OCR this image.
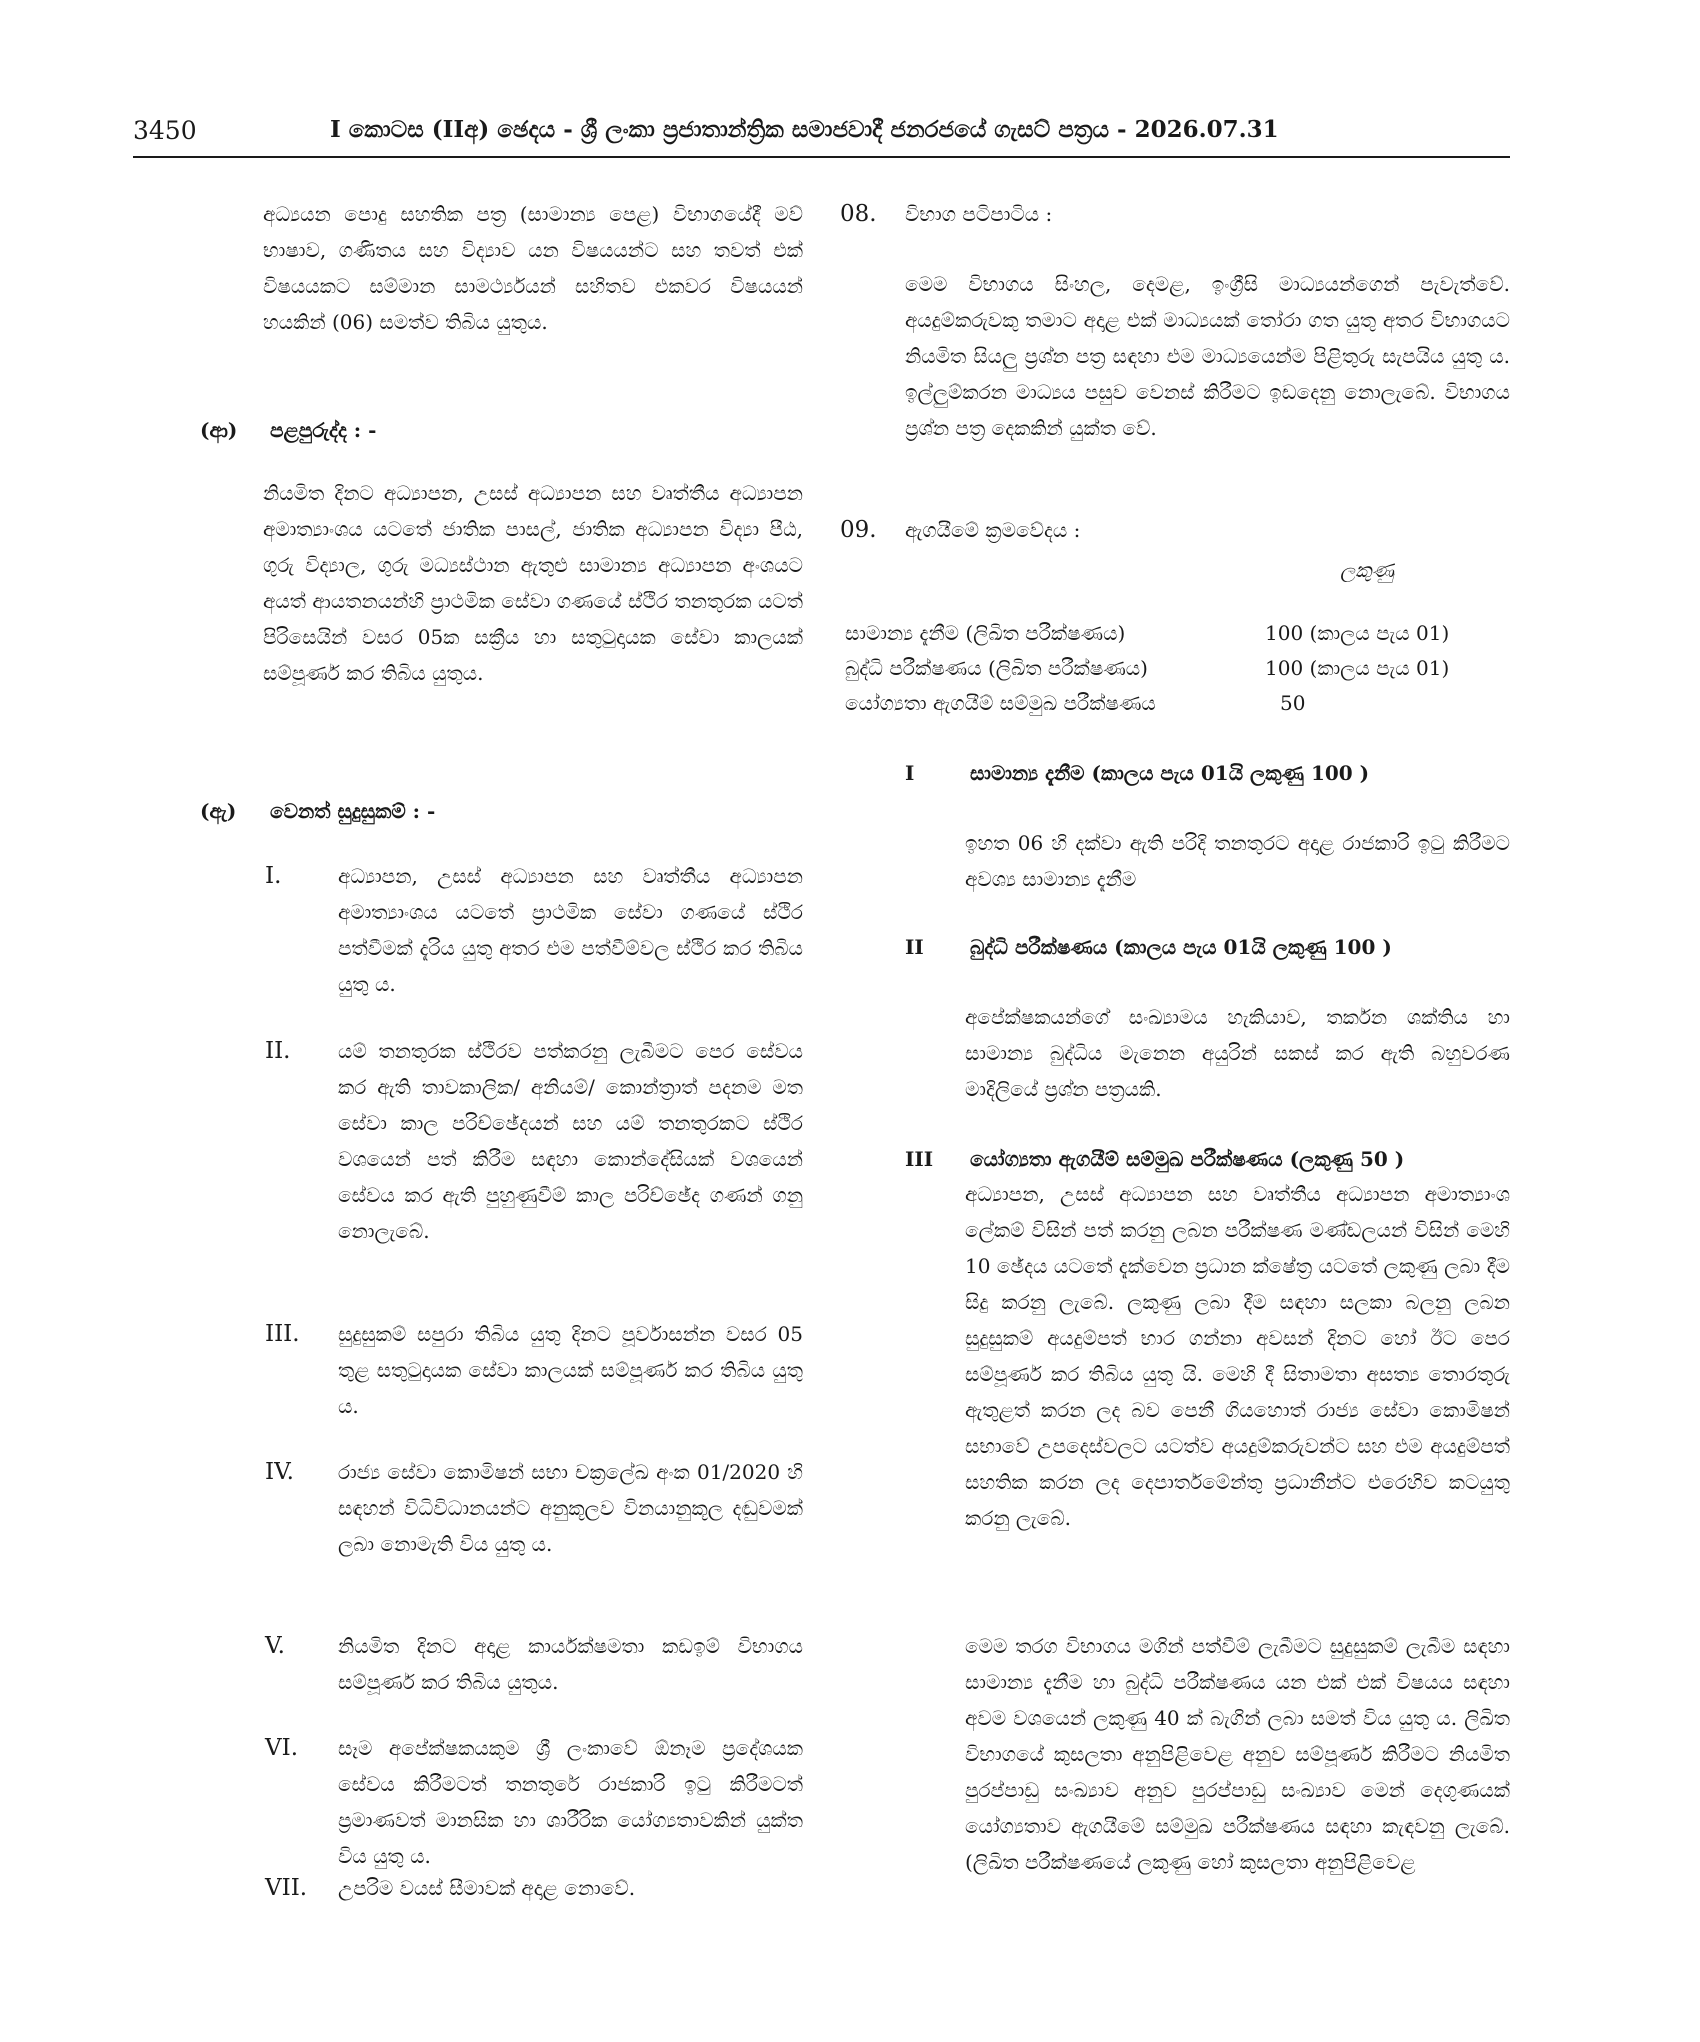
3450	I කොටස (IIඅ) ඡෙදය - ශ්‍රී ලංකා ප්‍රජාතාන්ත්‍රික සමාජවාදී ජනරජයේ ගැසට් පත්‍රය - 2026.07.31

අධ්‍යයන පොදු සහතික පත්‍ර (සාමාන්‍ය පෙළ) විභාගයේදී මව් භාෂාව, ගණිතය සහ විද්‍යාව යන විෂයයන්ට සහ තවත් එක් විෂයයකට සම්මාන සාමර්ථ්‍යයන් සහිතව එකවර විෂයයන් හයකින් (06) සමත්ව තිබිය යුතුය.

(ආ) පළපුරුද්ද : -

නියමිත දිනට අධ්‍යාපන, උසස් අධ්‍යාපන සහ වෘත්තීය අධ්‍යාපන අමාත්‍යාංශය යටතේ ජාතික පාසල්, ජාතික අධ්‍යාපන විද්‍යා පීඨ, ගුරු විද්‍යාල, ගුරු මධ්‍යස්ථාන ඇතුළු සාමාන්‍ය අධ්‍යාපන අංශයට අයත් ආයතනයන්හි ප්‍රාථමික සේවා ගණයේ ස්ථිර තනතුරක යටත් පිරිසෙයින් වසර 05ක සක්‍රීය හා සතුටුදායක සේවා කාලයක් සම්පූර්ණ කර තිබිය යුතුය.

(ඇ) වෙනත් සුදුසුකම් : -
I.	අධ්‍යාපන, උසස් අධ්‍යාපන සහ වෘත්තීය අධ්‍යාපන අමාත්‍යාංශය යටතේ ප්‍රාථමික සේවා ගණයේ ස්ථිර පත්වීමක් දැරිය යුතු අතර එම පත්වීම්වල ස්ථිර කර තිබිය යුතු ය.

II. යම් තනතුරක ස්ථිරව පත්කරනු ලැබීමට පෙර සේවය කර ඇති තාවකාලික/ අනියම්/ කොන්ත්‍රාත් පදනම මත සේවා කාල පරිච්ඡේදයන් සහ යම් තනතුරකට ස්ථිර වශයෙන් පත් කිරීම සඳහා කොන්දේසියක් වශයෙන් සේවය කර ඇති පුහුණුවීම් කාල පරිච්ඡේද ගණන් ගනු නොලැබේ.

III. සුදුසුකම් සපුරා තිබිය යුතු දිනට පූර්වාසන්න වසර 05 තුළ සතුටුදායක සේවා කාලයක් සම්පූර්ණ කර තිබිය යුතු ය.

IV. රාජ්‍ය සේවා කොමිෂන් සභා චක්‍රලේඛ අංක 01/2020 හි සඳහන් විධිවිධානයන්ට අනුකූලව විනයානුකූල දඬුවමක් ලබා නොමැති විය යුතු ය.

V.	නියමිත දිනට අදාළ කාර්යක්ෂමතා කඩඉම් විභාගය සම්පූර්ණ කර තිබිය යුතුය.

VI. සෑම අපේක්ෂකයකුම ශ්‍රී ලංකාවේ ඕනෑම ප්‍රදේශයක සේවය කිරීමටත් තනතුරේ රාජකාරි ඉටු කිරීමටත් ප්‍රමාණවත් මානසික හා ශාරීරික යෝග්‍යතාවකින් යුක්ත විය යුතු ය.

VII. උපරිම වයස් සීමාවක් අදාළ නොවේ.

08. විභාග පටිපාටිය :

මෙම විභාගය සිංහල, දෙමළ, ඉංග්‍රීසි මාධ්‍යයන්ගෙන් පැවැත්වේ. අයදුම්කරුවකු තමාට අදාළ එක් මාධ්‍යයක් තෝරා ගත යුතු අතර විභාගයට නියමිත සියලු ප්‍රශ්න පත්‍ර සඳහා එම මාධ්‍යයෙන්ම පිළිතුරු සැපයිය යුතු ය. ඉල්ලුම්කරන මාධ්‍යය පසුව වෙනස් කිරීමට ඉඩදෙනු නොලැබේ. විභාගය ප්‍රශ්න පත්‍ර දෙකකින් යුක්ත වේ.

09. ඇගයීමේ ක්‍රමවේදය :
ලකුණු
සාමාන්‍ය දැනීම (ලිඛිත පරීක්ෂණය)	100 (කාලය පැය 01)
බුද්ධි පරීක්ෂණය (ලිඛිත පරීක්ෂණය)	100 (කාලය පැය 01)
යෝග්‍යතා ඇගයීම් සම්මුඛ පරීක්ෂණය	50
I	සාමාන්‍ය දැනීම (කාලය පැය 01යි ලකුණු 100 )

ඉහත 06 හි දක්වා ඇති පරිදි තනතුරට අදාළ රාජකාරි ඉටු කිරීමට අවශ්‍ය සාමාන්‍ය දැනීම

II බුද්ධි පරීක්ෂණය (කාලය පැය 01යි ලකුණු 100 )

අපේක්ෂකයන්ගේ සංඛ්‍යාමය හැකියාව, තර්කන ශක්තිය හා සාමාන්‍ය බුද්ධිය මැනෙන අයුරින් සකස් කර ඇති බහුවරණ මාදිලියේ ප්‍රශ්න පත්‍රයකි.

III යෝග්‍යතා ඇගයීම් සම්මුඛ පරීක්ෂණය (ලකුණු 50 )

අධ්‍යාපන, උසස් අධ්‍යාපන සහ වෘත්තීය අධ්‍යාපන අමාත්‍යාංශ ලේකම් විසින් පත් කරනු ලබන පරීක්ෂණ මණ්ඩලයන් විසින් මෙහි 10 ඡේදය යටතේ දැක්වෙන ප්‍රධාන ක්ෂේත්‍ර යටතේ ලකුණු ලබා දීම සිදු කරනු ලැබේ. ලකුණු ලබා දීම සඳහා සලකා බලනු ලබන සුදුසුකම් අයදුම්පත් භාර ගන්නා අවසන් දිනට හෝ ඊට පෙර සම්පූර්ණ කර තිබිය යුතු යි. මෙහි දී සිතාමතා අසත්‍ය තොරතුරු ඇතුළත් කරන ලද බව පෙනී ගියහොත් රාජ්‍ය සේවා කොමිෂන් සභාවේ උපදෙස්වලට යටත්ව අයදුම්කරුවන්ට සහ එම අයදුම්පත් සහතික කරන ලද දෙපාර්තමේන්තු ප්‍රධානීන්ට එරෙහිව කටයුතු කරනු ලැබේ.

මෙම තරග විභාගය මගින් පත්වීම් ලැබීමට සුදුසුකම් ලැබීම සඳහා සාමාන්‍ය දැනීම හා බුද්ධි පරීක්ෂණය යන එක් එක් විෂයය සඳහා අවම වශයෙන් ලකුණු 40 ක් බැගින් ලබා සමත් විය යුතු ය. ලිඛිත විභාගයේ කුසලතා අනුපිළිවෙළ අනුව සම්පූර්ණ කිරීමට නියමිත පුරප්පාඩු සංඛ්‍යාව අනුව පුරප්පාඩු සංඛ්‍යාව මෙන් දෙගුණයක් යෝග්‍යතාව ඇගයීමේ සම්මුඛ පරීක්ෂණය සඳහා කැඳවනු ලැබේ. (ලිඛිත පරීක්ෂණයේ ලකුණු හෝ කුසලතා අනුපිළිවෙළ
